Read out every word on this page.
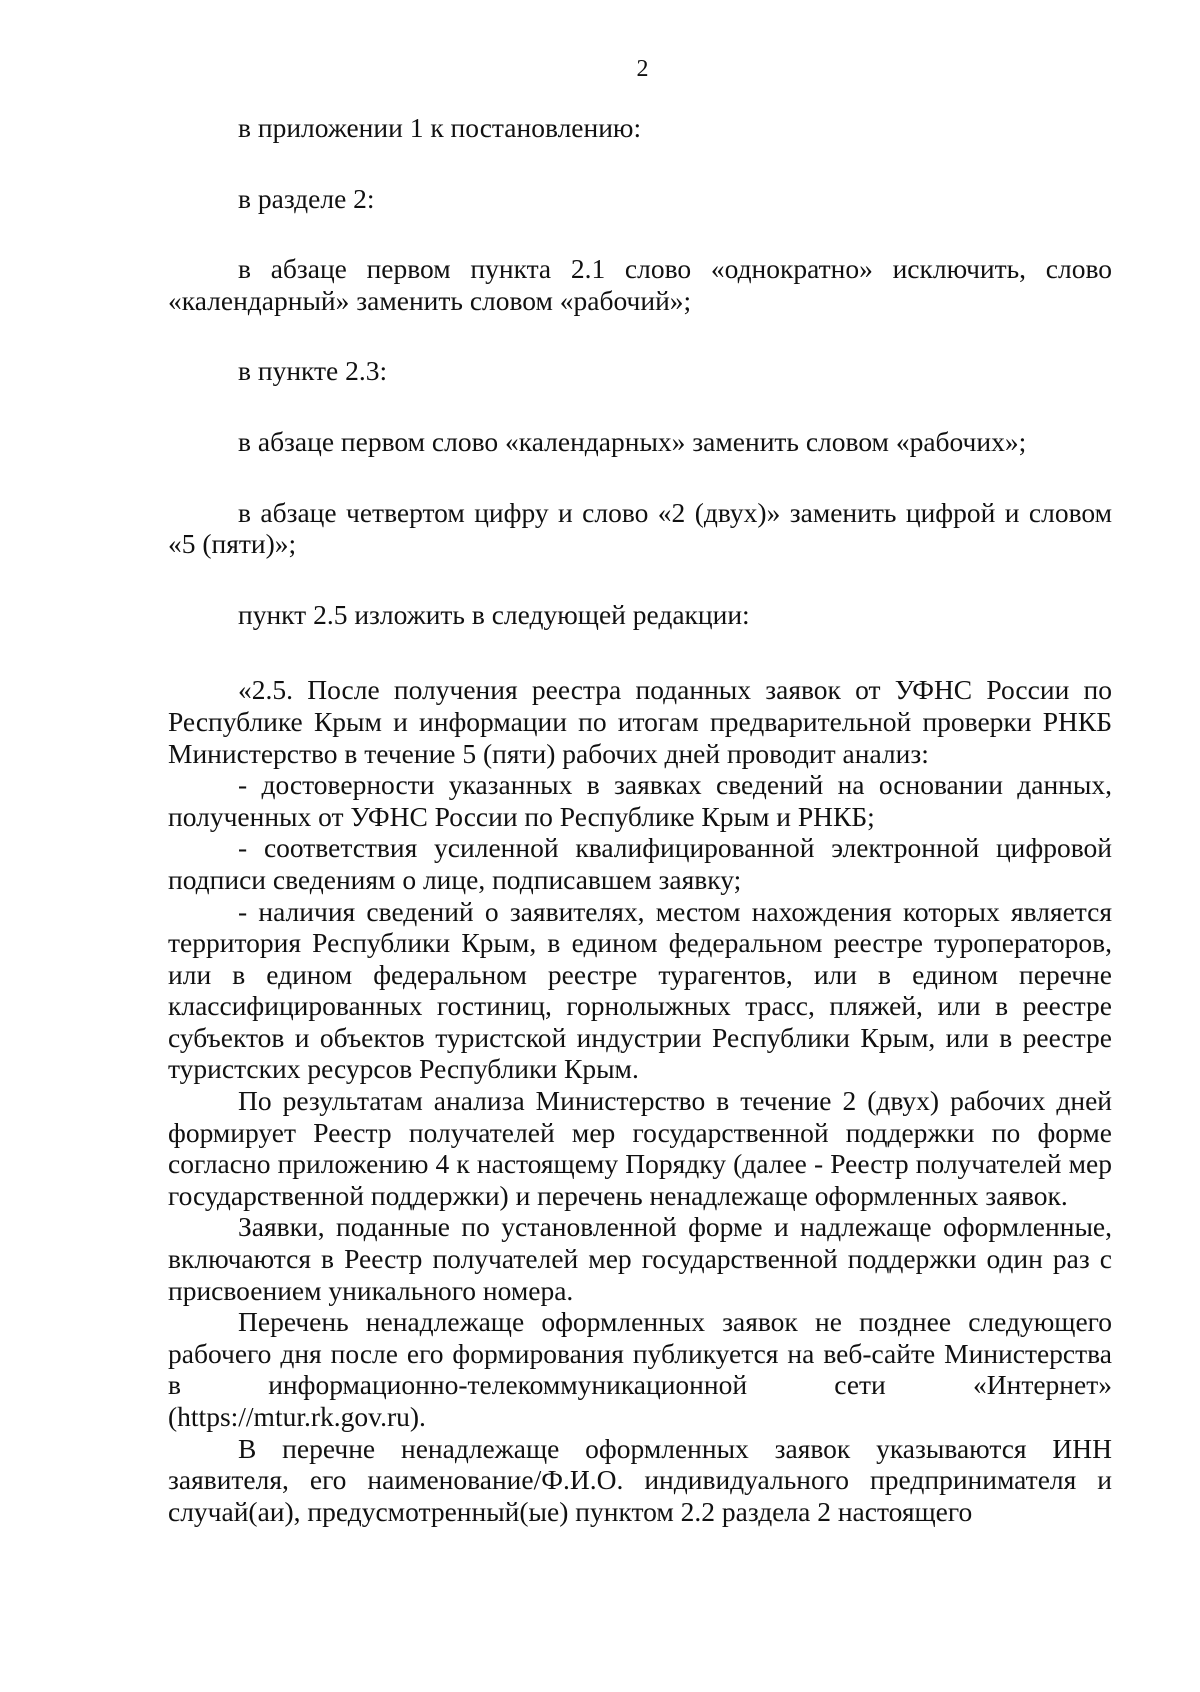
2

в приложении 1 к постановлению:

в разделе 2:

в абзаце первом пункта 2.1 слово «однократно» исключить, слово «календарный» заменить словом «рабочий»;

в пункте 2.3:

в абзаце первом слово «календарных» заменить словом «рабочих»;

в абзаце четвертом цифру и слово «2 (двух)» заменить цифрой и словом «5 (пяти)»;

пункт 2.5 изложить в следующей редакции:

«2.5. После получения реестра поданных заявок от УФНС России по Республике Крым и информации по итогам предварительной проверки РНКБ Министерство в течение 5 (пяти) рабочих дней проводит анализ:

- достоверности указанных в заявках сведений на основании данных, полученных от УФНС России по Республике Крым и РНКБ;

- соответствия усиленной квалифицированной электронной цифровой подписи сведениям о лице, подписавшем заявку;

- наличия сведений о заявителях, местом нахождения которых является территория Республики Крым, в едином федеральном реестре туроператоров, или в едином федеральном реестре турагентов, или в едином перечне классифицированных гостиниц, горнолыжных трасс, пляжей, или в реестре субъектов и объектов туристской индустрии Республики Крым, или в реестре туристских ресурсов Республики Крым.

По результатам анализа Министерство в течение 2 (двух) рабочих дней формирует Реестр получателей мер государственной поддержки по форме согласно приложению 4 к настоящему Порядку (далее - Реестр получателей мер государственной поддержки) и перечень ненадлежаще оформленных заявок.

Заявки, поданные по установленной форме и надлежаще оформленные, включаются в Реестр получателей мер государственной поддержки один раз с присвоением уникального номера.

Перечень ненадлежаще оформленных заявок не позднее следующего рабочего дня после его формирования публикуется на веб-сайте Министерства в информационно-телекоммуникационной сети «Интернет» (https://mtur.rk.gov.ru).

В перечне ненадлежаще оформленных заявок указываются ИНН заявителя, его наименование/Ф.И.О. индивидуального предпринимателя и случай(аи), предусмотренный(ые) пунктом 2.2 раздела 2 настоящего
